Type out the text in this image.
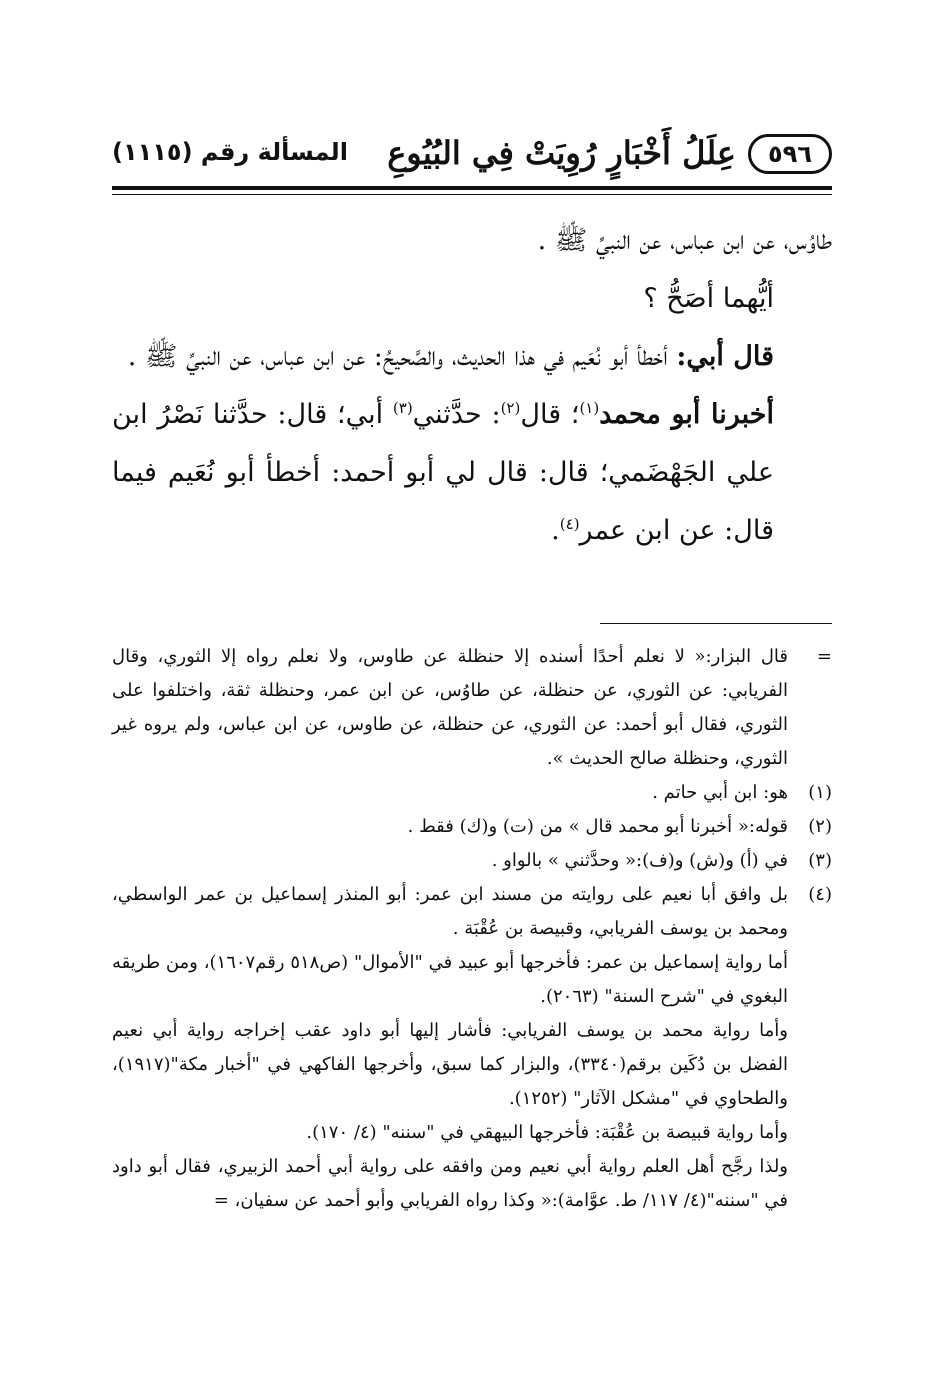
٥٩٦
عِلَلُ أَخْبَارٍ رُوِيَتْ فِي البُيُوعِ
المسألة رقم (١١١٥)

طاوُس، عن ابن عباس، عن النبيِّ ﷺ .

أيُّهما أصَحُّ ؟

قال أبي: أخطأ أبو نُعَيم في هذا الحديث، والصَّحيحُ: عن ابن عباس، عن النبيِّ ﷺ .

أخبرنا أبو محمد$^{(١)}$؛ قال$^{(٢)}$: حدَّثني$^{(٣)}$ أبي؛ قال: حدَّثنا نَصْرُ ابن علي الجَهْضَمي؛ قال: قال لي أبو أحمد: أخطأ أبو نُعَيم فيما قال: عن ابن عمر$^{(٤)}$.

=
قال البزار:« لا نعلم أحدًا أسنده إلا حنظلة عن طاوس، ولا نعلم رواه إلا الثوري، وقال الفريابي: عن الثوري، عن حنظلة، عن طاوُس، عن ابن عمر، وحنظلة ثقة، واختلفوا على الثوري، فقال أبو أحمد: عن الثوري، عن حنظلة، عن طاوس، عن ابن عباس، ولم يروه غير الثوري، وحنظلة صالح الحديث ».

(١)
هو: ابن أبي حاتم .

(٢)
قوله:« أخبرنا أبو محمد قال » من (ت) و(ك) فقط .

(٣)
في (أ) و(ش) و(ف):« وحدَّثني » بالواو .

(٤)
بل وافق أبا نعيم على روايته من مسند ابن عمر: أبو المنذر إسماعيل بن عمر الواسطي، ومحمد بن يوسف الفريابي، وقبيصة بن عُقْبَة .

أما رواية إسماعيل بن عمر: فأخرجها أبو عبيد في "الأموال" (ص٥١٨ رقم١٦٠٧)، ومن طريقه البغوي في "شرح السنة" (٢٠٦٣).

وأما رواية محمد بن يوسف الفريابي: فأشار إليها أبو داود عقب إخراجه رواية أبي نعيم الفضل بن دُكَين برقم(٣٣٤٠)، والبزار كما سبق، وأخرجها الفاكهي في "أخبار مكة"(١٩١٧)، والطحاوي في "مشكل الآثار" (١٢٥٢).

وأما رواية قبيصة بن عُقْبَة: فأخرجها البيهقي في "سننه" (٤/ ١٧٠).

ولذا رجَّح أهل العلم رواية أبي نعيم ومن وافقه على رواية أبي أحمد الزبيري، فقال أبو داود في "سننه"(٤/ ١١٧/ ط. عوَّامة):« وكذا رواه الفريابي وأبو أحمد عن سفيان، =
